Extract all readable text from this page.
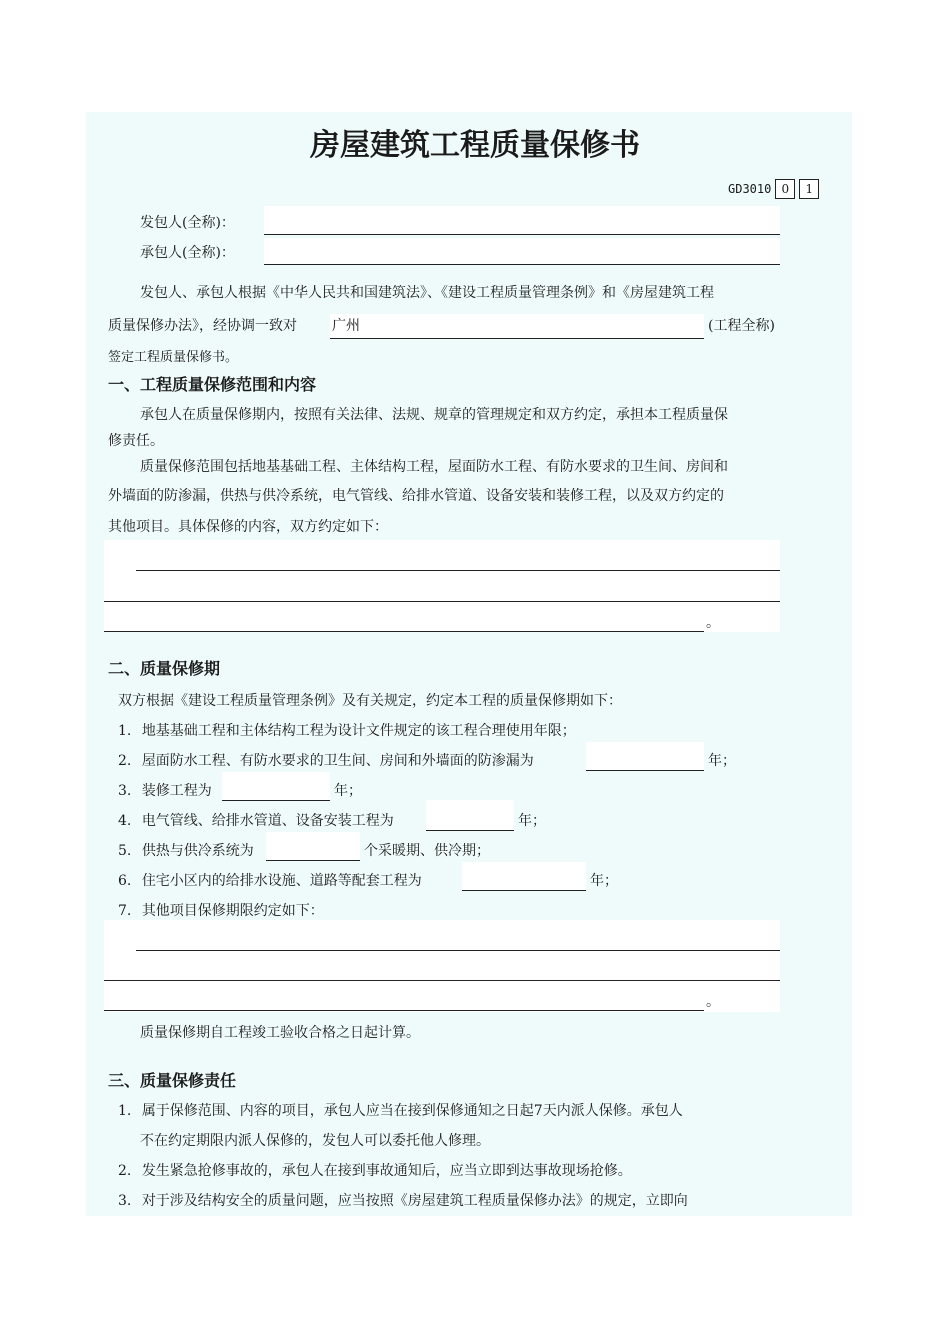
房屋建筑工程质量保修书
GD3010 0 1
发包人(全称)：
承包人(全称)：
发包人、承包人根据《中华人民共和国建筑法》、《建设工程质量管理条例》和《房屋建筑工程
质量保修办法》，经协调一致对	广州	(工程全称)
签定工程质量保修书。
一、工程质量保修范围和内容
承包人在质量保修期内，按照有关法律、法规、规章的管理规定和双方约定，承担本工程质量保
修责任。
质量保修范围包括地基基础工程、主体结构工程，屋面防水工程、有防水要求的卫生间、房间和
外墙面的防渗漏，供热与供冷系统，电气管线、给排水管道、设备安装和装修工程，以及双方约定的
其他项目。具体保修的内容，双方约定如下：
。
二、质量保修期
双方根据《建设工程质量管理条例》及有关规定，约定本工程的质量保修期如下：
1. 地基基础工程和主体结构工程为设计文件规定的该工程合理使用年限；
2. 屋面防水工程、有防水要求的卫生间、房间和外墙面的防渗漏为	年；
3. 装修工程为	年；
4. 电气管线、给排水管道、设备安装工程为	年；
5. 供热与供冷系统为	个采暖期、供冷期；
6. 住宅小区内的给排水设施、道路等配套工程为	年；
7. 其他项目保修期限约定如下：
。
质量保修期自工程竣工验收合格之日起计算。
三、质量保修责任
1. 属于保修范围、内容的项目，承包人应当在接到保修通知之日起7天内派人保修。承包人
不在约定期限内派人保修的，发包人可以委托他人修理。
2. 发生紧急抢修事故的，承包人在接到事故通知后，应当立即到达事故现场抢修。
3. 对于涉及结构安全的质量问题，应当按照《房屋建筑工程质量保修办法》的规定，立即向
